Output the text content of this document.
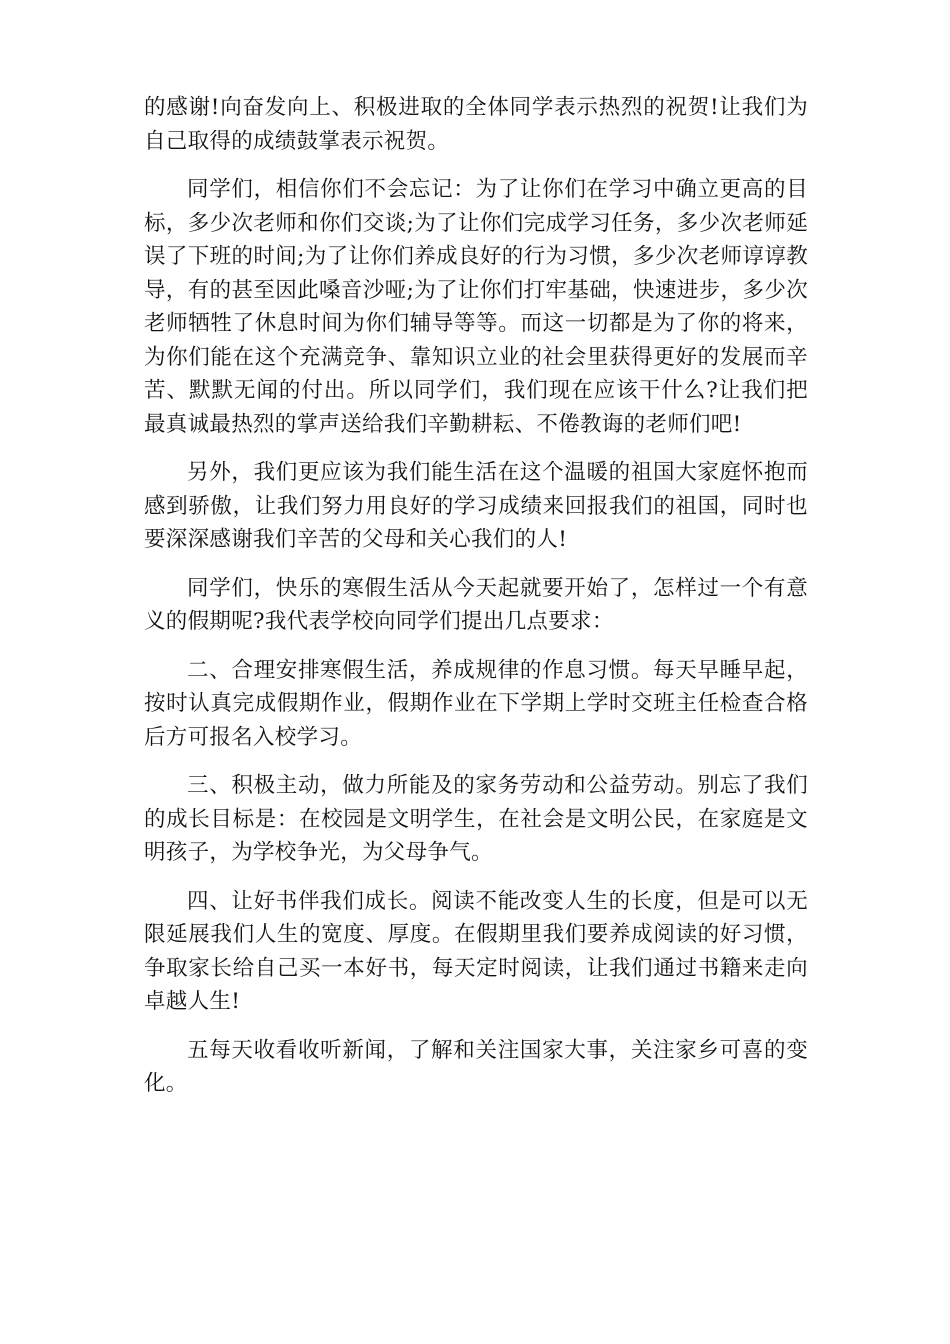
的感谢!向奋发向上、积极进取的全体同学表示热烈的祝贺!让我们为自己取得的成绩鼓掌表示祝贺。

同学们，相信你们不会忘记：为了让你们在学习中确立更高的目标，多少次老师和你们交谈;为了让你们完成学习任务，多少次老师延误了下班的时间;为了让你们养成良好的行为习惯，多少次老师谆谆教导，有的甚至因此嗓音沙哑;为了让你们打牢基础，快速进步，多少次老师牺牲了休息时间为你们辅导等等。而这一切都是为了你的将来，为你们能在这个充满竞争、靠知识立业的社会里获得更好的发展而辛苦、默默无闻的付出。所以同学们，我们现在应该干什么?让我们把最真诚最热烈的掌声送给我们辛勤耕耘、不倦教诲的老师们吧!

另外，我们更应该为我们能生活在这个温暖的祖国大家庭怀抱而感到骄傲，让我们努力用良好的学习成绩来回报我们的祖国，同时也要深深感谢我们辛苦的父母和关心我们的人!

同学们，快乐的寒假生活从今天起就要开始了，怎样过一个有意义的假期呢?我代表学校向同学们提出几点要求：

二、合理安排寒假生活，养成规律的作息习惯。每天早睡早起，按时认真完成假期作业，假期作业在下学期上学时交班主任检查合格后方可报名入校学习。

三、积极主动，做力所能及的家务劳动和公益劳动。别忘了我们的成长目标是：在校园是文明学生，在社会是文明公民，在家庭是文明孩子，为学校争光，为父母争气。

四、让好书伴我们成长。阅读不能改变人生的长度，但是可以无限延展我们人生的宽度、厚度。在假期里我们要养成阅读的好习惯，争取家长给自己买一本好书，每天定时阅读，让我们通过书籍来走向卓越人生!

五每天收看收听新闻，了解和关注国家大事，关注家乡可喜的变化。
